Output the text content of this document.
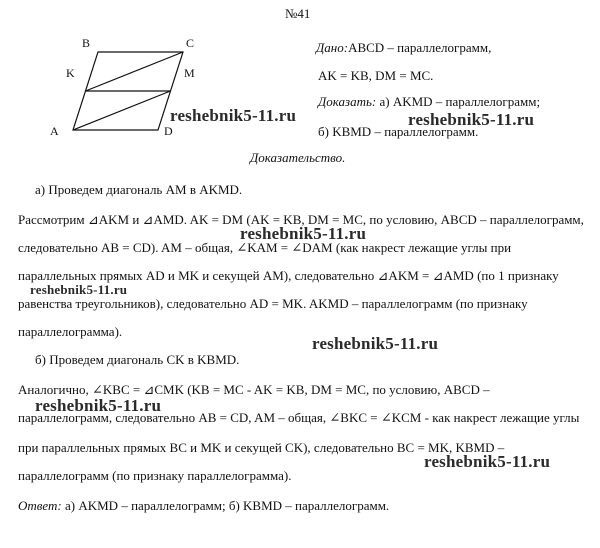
№41
B	C
K	M
A	D
Дано:ABCD – параллелограмм,
AK = KB, DM = MC.
Доказать: а) AKMD – параллелограмм;
б) KBMD – параллелограмм.
Доказательство.
а) Проведем диагональ AM в AKMD.
Рассмотрим ⊿AKM и ⊿AMD. AK = DM (AK = KB, DM = MC, по условию, ABCD – параллелограмм,
следовательно AB = CD). AM – общая, ∠KAM = ∠DAM (как накрест лежащие углы при
параллельных прямых AD и MK и секущей AM), следовательно ⊿AKM = ⊿AMD (по 1 признаку
равенства треугольников), следовательно AD = MK. AKMD – параллелограмм (по признаку
параллелограмма).
б) Проведем диагональ CK в KBMD.
Аналогично, ∠KBC = ⊿CMK (KB = MC - AK = KB, DM = MC, по условию, ABCD –
параллелограмм, следовательно AB = CD, AM – общая, ∠BKC = ∠KCM - как накрест лежащие углы
при параллельных прямых BC и MK и секущей CK), следовательно BC = MK, KBMD –
параллелограмм (по признаку параллелограмма).
Ответ: а) AKMD – параллелограмм; б) KBMD – параллелограмм.
reshebnik5-11.ru	reshebnik5-11.ru
reshebnik5-11.ru
reshebnik5-11.ru
reshebnik5-11.ru
reshebnik5-11.ru
reshebnik5-11.ru
